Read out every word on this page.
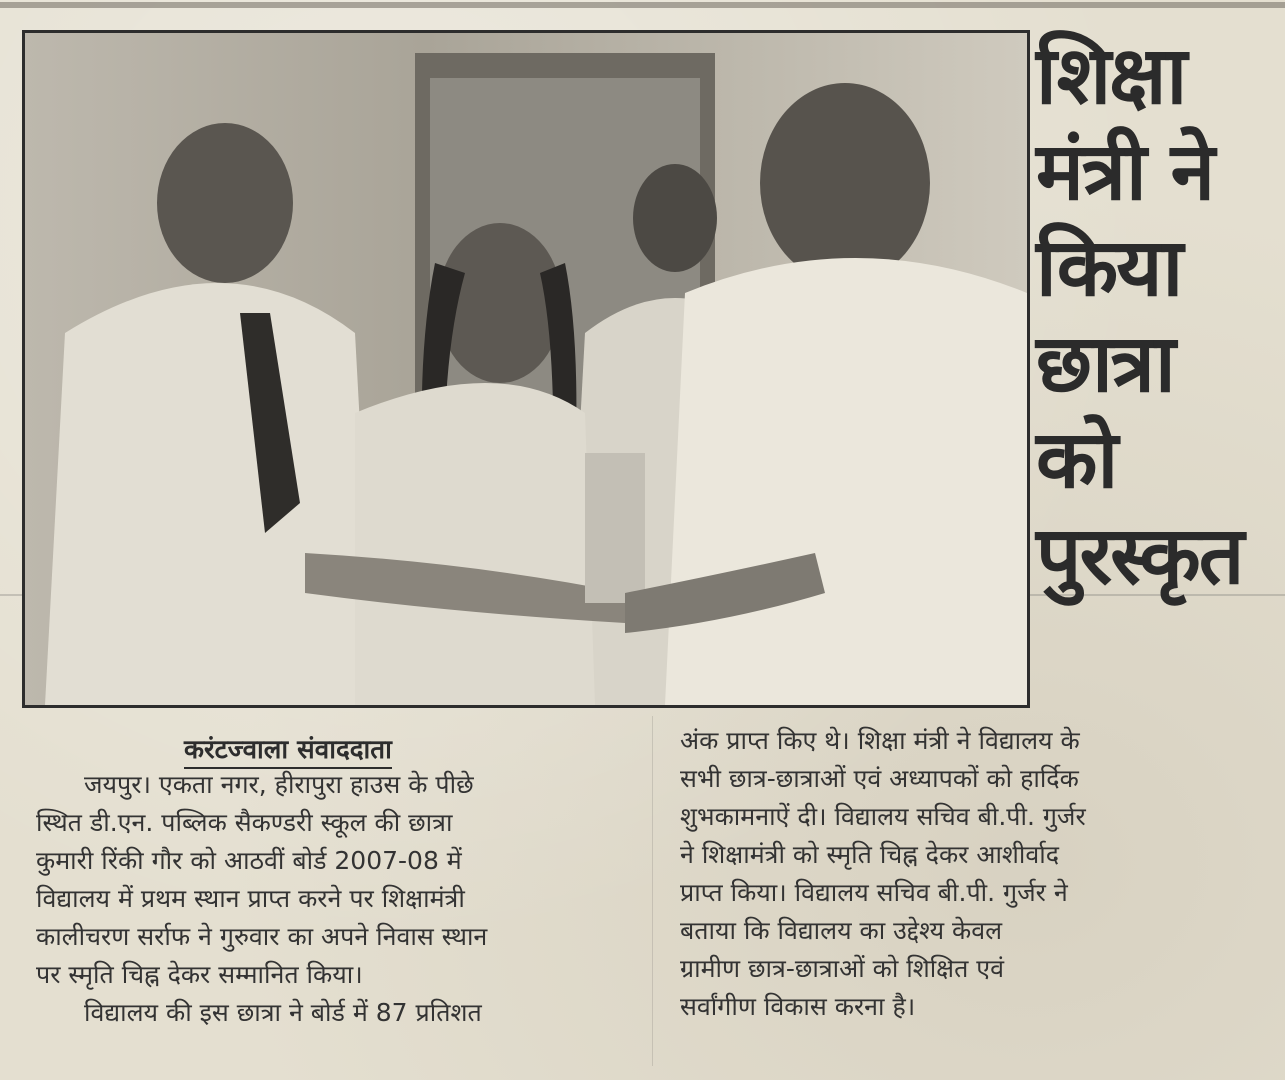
शिक्षा
मंत्री ने
किया
छात्रा
को
पुरस्कृत
करंटज्वाला संवाददाता
जयपुर। एकता नगर, हीरापुरा हाउस के पीछे
स्थित डी.एन. पब्लिक सैकण्डरी स्कूल की छात्रा
कुमारी रिंकी गौर को आठवीं बोर्ड 2007-08 में
विद्यालय में प्रथम स्थान प्राप्त करने पर शिक्षामंत्री
कालीचरण सर्राफ ने गुरुवार का अपने निवास स्थान
पर स्मृति चिह्न देकर सम्मानित किया।
विद्यालय की इस छात्रा ने बोर्ड में 87 प्रतिशत
अंक प्राप्त किए थे। शिक्षा मंत्री ने विद्यालय के
सभी छात्र-छात्राओं एवं अध्यापकों को हार्दिक
शुभकामनाऐं दी। विद्यालय सचिव बी.पी. गुर्जर
ने शिक्षामंत्री को स्मृति चिह्न देकर आशीर्वाद
प्राप्त किया। विद्यालय सचिव बी.पी. गुर्जर ने
बताया कि विद्यालय का उद्देश्य केवल
ग्रामीण छात्र-छात्राओं को शिक्षित एवं
सर्वांगीण विकास करना है।
